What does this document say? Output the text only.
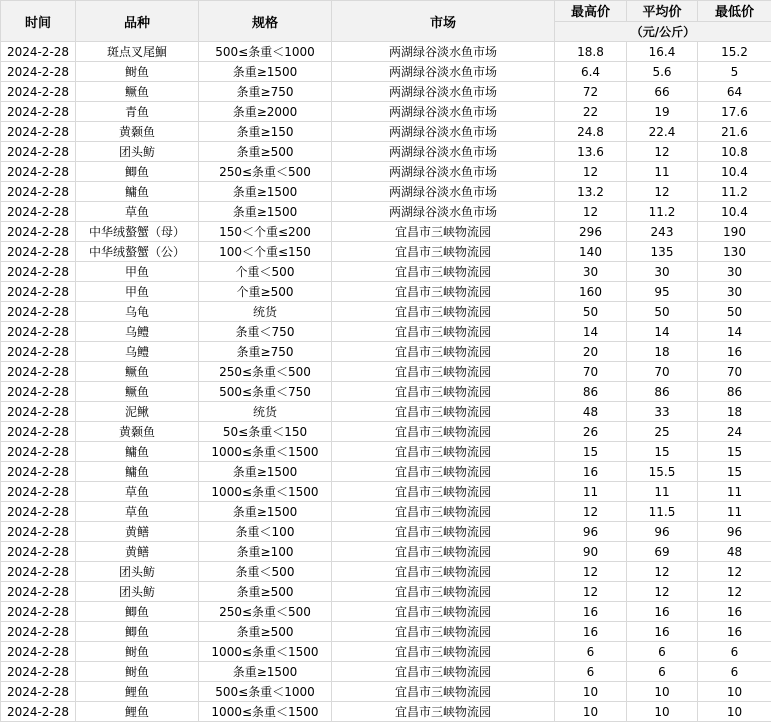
时间	品种	规格	市场	最高价	平均价	最低价
				（元/公斤）		
2024-2-28	斑点叉尾鮰	500≤条重＜1000	两湖绿谷淡水鱼市场	18.8	16.4	15.2
2024-2-28	鲥鱼	条重≥1500	两湖绿谷淡水鱼市场	6.4	5.6	5
2024-2-28	鳜鱼	条重≥750	两湖绿谷淡水鱼市场	72	66	64
2024-2-28	青鱼	条重≥2000	两湖绿谷淡水鱼市场	22	19	17.6
2024-2-28	黄颡鱼	条重≥150	两湖绿谷淡水鱼市场	24.8	22.4	21.6
2024-2-28	团头鲂	条重≥500	两湖绿谷淡水鱼市场	13.6	12	10.8
2024-2-28	鲫鱼	250≤条重＜500	两湖绿谷淡水鱼市场	12	11	10.4
2024-2-28	鳙鱼	条重≥1500	两湖绿谷淡水鱼市场	13.2	12	11.2
2024-2-28	草鱼	条重≥1500	两湖绿谷淡水鱼市场	12	11.2	10.4
2024-2-28	中华绒螯蟹（母）	150＜个重≤200	宜昌市三峡物流园	296	243	190
2024-2-28	中华绒螯蟹（公）	100＜个重≤150	宜昌市三峡物流园	140	135	130
2024-2-28	甲鱼	个重＜500	宜昌市三峡物流园	30	30	30
2024-2-28	甲鱼	个重≥500	宜昌市三峡物流园	160	95	30
2024-2-28	乌龟	统货	宜昌市三峡物流园	50	50	50
2024-2-28	乌鳢	条重＜750	宜昌市三峡物流园	14	14	14
2024-2-28	乌鳢	条重≥750	宜昌市三峡物流园	20	18	16
2024-2-28	鳜鱼	250≤条重＜500	宜昌市三峡物流园	70	70	70
2024-2-28	鳜鱼	500≤条重＜750	宜昌市三峡物流园	86	86	86
2024-2-28	泥鳅	统货	宜昌市三峡物流园	48	33	18
2024-2-28	黄颡鱼	50≤条重＜150	宜昌市三峡物流园	26	25	24
2024-2-28	鳙鱼	1000≤条重＜1500	宜昌市三峡物流园	15	15	15
2024-2-28	鳙鱼	条重≥1500	宜昌市三峡物流园	16	15.5	15
2024-2-28	草鱼	1000≤条重＜1500	宜昌市三峡物流园	11	11	11
2024-2-28	草鱼	条重≥1500	宜昌市三峡物流园	12	11.5	11
2024-2-28	黄鳝	条重＜100	宜昌市三峡物流园	96	96	96
2024-2-28	黄鳝	条重≥100	宜昌市三峡物流园	90	69	48
2024-2-28	团头鲂	条重＜500	宜昌市三峡物流园	12	12	12
2024-2-28	团头鲂	条重≥500	宜昌市三峡物流园	12	12	12
2024-2-28	鲫鱼	250≤条重＜500	宜昌市三峡物流园	16	16	16
2024-2-28	鲫鱼	条重≥500	宜昌市三峡物流园	16	16	16
2024-2-28	鲥鱼	1000≤条重＜1500	宜昌市三峡物流园	6	6	6
2024-2-28	鲥鱼	条重≥1500	宜昌市三峡物流园	6	6	6
2024-2-28	鲤鱼	500≤条重＜1000	宜昌市三峡物流园	10	10	10
2024-2-28	鲤鱼	1000≤条重＜1500	宜昌市三峡物流园	10	10	10
